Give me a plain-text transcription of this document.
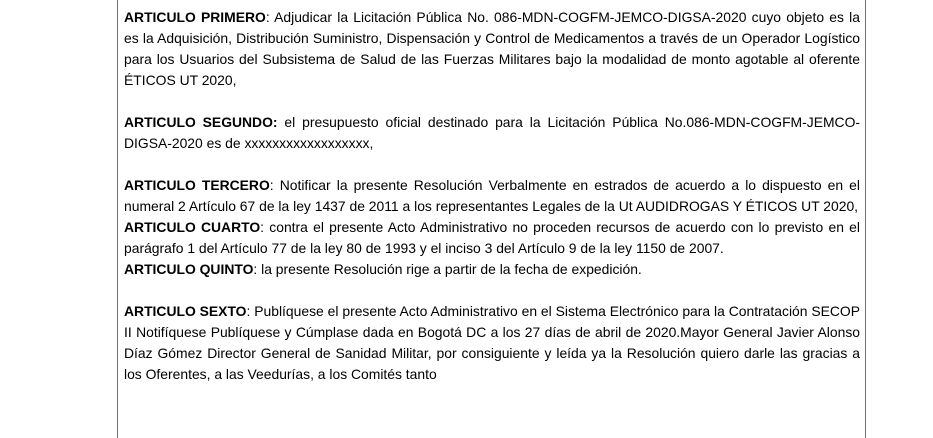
ARTICULO PRIMERO: Adjudicar la Licitación Pública No. 086-MDN-COGFM-JEMCO-DIGSA-2020 cuyo objeto es la es la Adquisición, Distribución Suministro, Dispensación y Control de Medicamentos a través de un Operador Logístico para los Usuarios del Subsistema de Salud de las Fuerzas Militares bajo la modalidad de monto agotable al oferente ÉTICOS UT 2020,

ARTICULO SEGUNDO: el presupuesto oficial destinado para la Licitación Pública No.086-MDN-COGFM-JEMCO-DIGSA-2020 es de xxxxxxxxxxxxxxxxxx,

ARTICULO TERCERO: Notificar la presente Resolución Verbalmente en estrados de acuerdo a lo dispuesto en el numeral 2 Artículo 67 de la ley 1437 de 2011 a los representantes Legales de la Ut AUDIDROGAS Y ÉTICOS UT 2020,

ARTICULO CUARTO: contra el presente Acto Administrativo no proceden recursos de acuerdo con lo previsto en el parágrafo 1 del Artículo 77 de la ley 80 de 1993 y el inciso 3 del Artículo 9 de la ley 1150 de 2007.

ARTICULO QUINTO: la presente Resolución rige a partir de la fecha de expedición.

ARTICULO SEXTO: Publíquese el presente Acto Administrativo en el Sistema Electrónico para la Contratación SECOP II Notifíquese Publíquese y Cúmplase dada en Bogotá DC a los 27 días de abril de 2020.Mayor General Javier Alonso Díaz Gómez Director General de Sanidad Militar, por consiguiente y leída ya la Resolución quiero darle las gracias a los Oferentes, a las Veedurías, a los Comités tanto
